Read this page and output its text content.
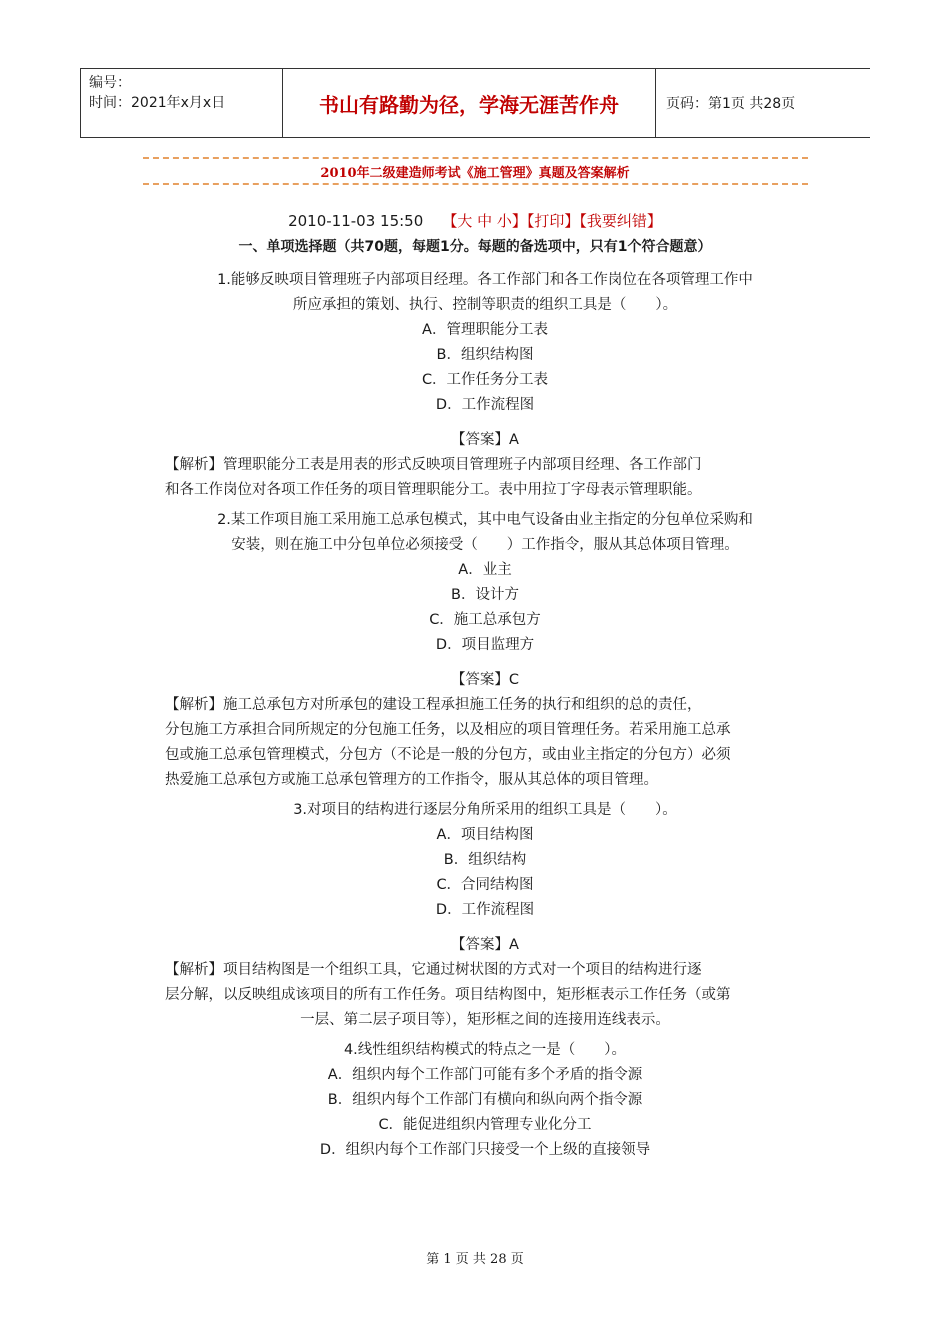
编号：
时间：2021年x月x日	书山有路勤为径，学海无涯苦作舟	页码：第1页 共28页
2010年二级建造师考试《施工管理》真题及答案解析
2010-11-03 15:50 【大 中 小】【打印】【我要纠错】
一、单项选择题（共70题，每题1分。每题的备选项中，只有1个符合题意）

1.能够反映项目管理班子内部项目经理。各工作部门和各工作岗位在各项管理工作中

所应承担的策划、执行、控制等职责的组织工具是（　　）。

A．管理职能分工表

B．组织结构图

C．工作任务分工表

D．工作流程图

【答案】A

【解析】管理职能分工表是用表的形式反映项目管理班子内部项目经理、各工作部门

和各工作岗位对各项工作任务的项目管理职能分工。表中用拉丁字母表示管理职能。

2.某工作项目施工采用施工总承包模式，其中电气设备由业主指定的分包单位采购和

安装，则在施工中分包单位必须接受（　　）工作指令，服从其总体项目管理。

A．业主

B．设计方

C．施工总承包方

D．项目监理方

【答案】C

【解析】施工总承包方对所承包的建设工程承担施工任务的执行和组织的总的责任，

分包施工方承担合同所规定的分包施工任务，以及相应的项目管理任务。若采用施工总承

包或施工总承包管理模式，分包方（不论是一般的分包方，或由业主指定的分包方）必须

热爱施工总承包方或施工总承包管理方的工作指令，服从其总体的项目管理。

3.对项目的结构进行逐层分角所采用的组织工具是（　　）。

A．项目结构图

B．组织结构

C．合同结构图

D．工作流程图

【答案】A

【解析】项目结构图是一个组织工具，它通过树状图的方式对一个项目的结构进行逐

层分解，以反映组成该项目的所有工作任务。项目结构图中，矩形框表示工作任务（或第

一层、第二层子项目等），矩形框之间的连接用连线表示。

4.线性组织结构模式的特点之一是（　　）。

A．组织内每个工作部门可能有多个矛盾的指令源

B．组织内每个工作部门有横向和纵向两个指令源

C．能促进组织内管理专业化分工

D．组织内每个工作部门只接受一个上级的直接领导

第 1 页 共 28 页
